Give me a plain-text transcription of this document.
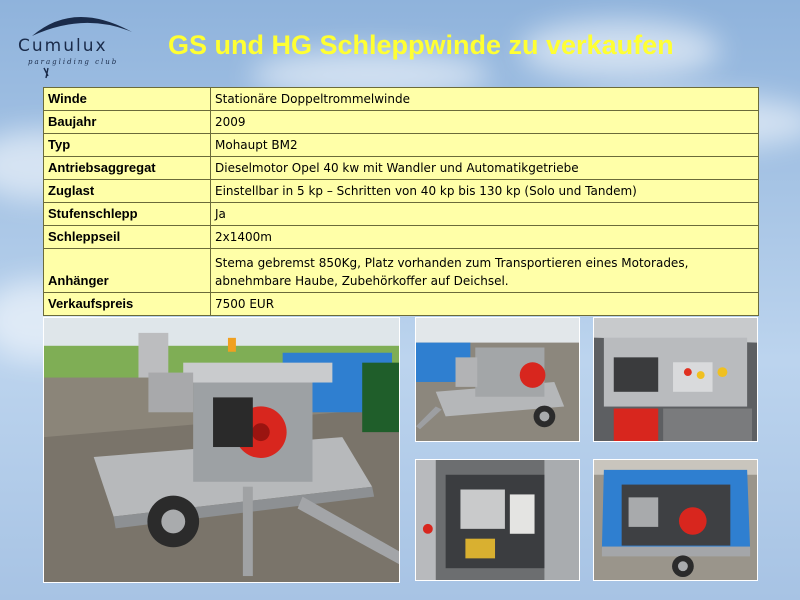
Cumulux
paragliding club
GS und HG Schleppwinde zu verkaufen
Winde	Stationäre Doppeltrommelwinde
Baujahr	2009
Typ	Mohaupt BM2
Antriebsaggregat	Dieselmotor Opel 40 kw mit Wandler und Automatikgetriebe
Zuglast	Einstellbar in 5 kp – Schritten von 40 kp bis 130 kp (Solo und Tandem)
Stufenschlepp	Ja
Schleppseil	2x1400m
Anhänger	Stema gebremst 850Kg, Platz vorhanden zum Transportieren eines Motorades,
abnehmbare Haube, Zubehörkoffer auf Deichsel.

Verkaufspreis	7500 EUR
